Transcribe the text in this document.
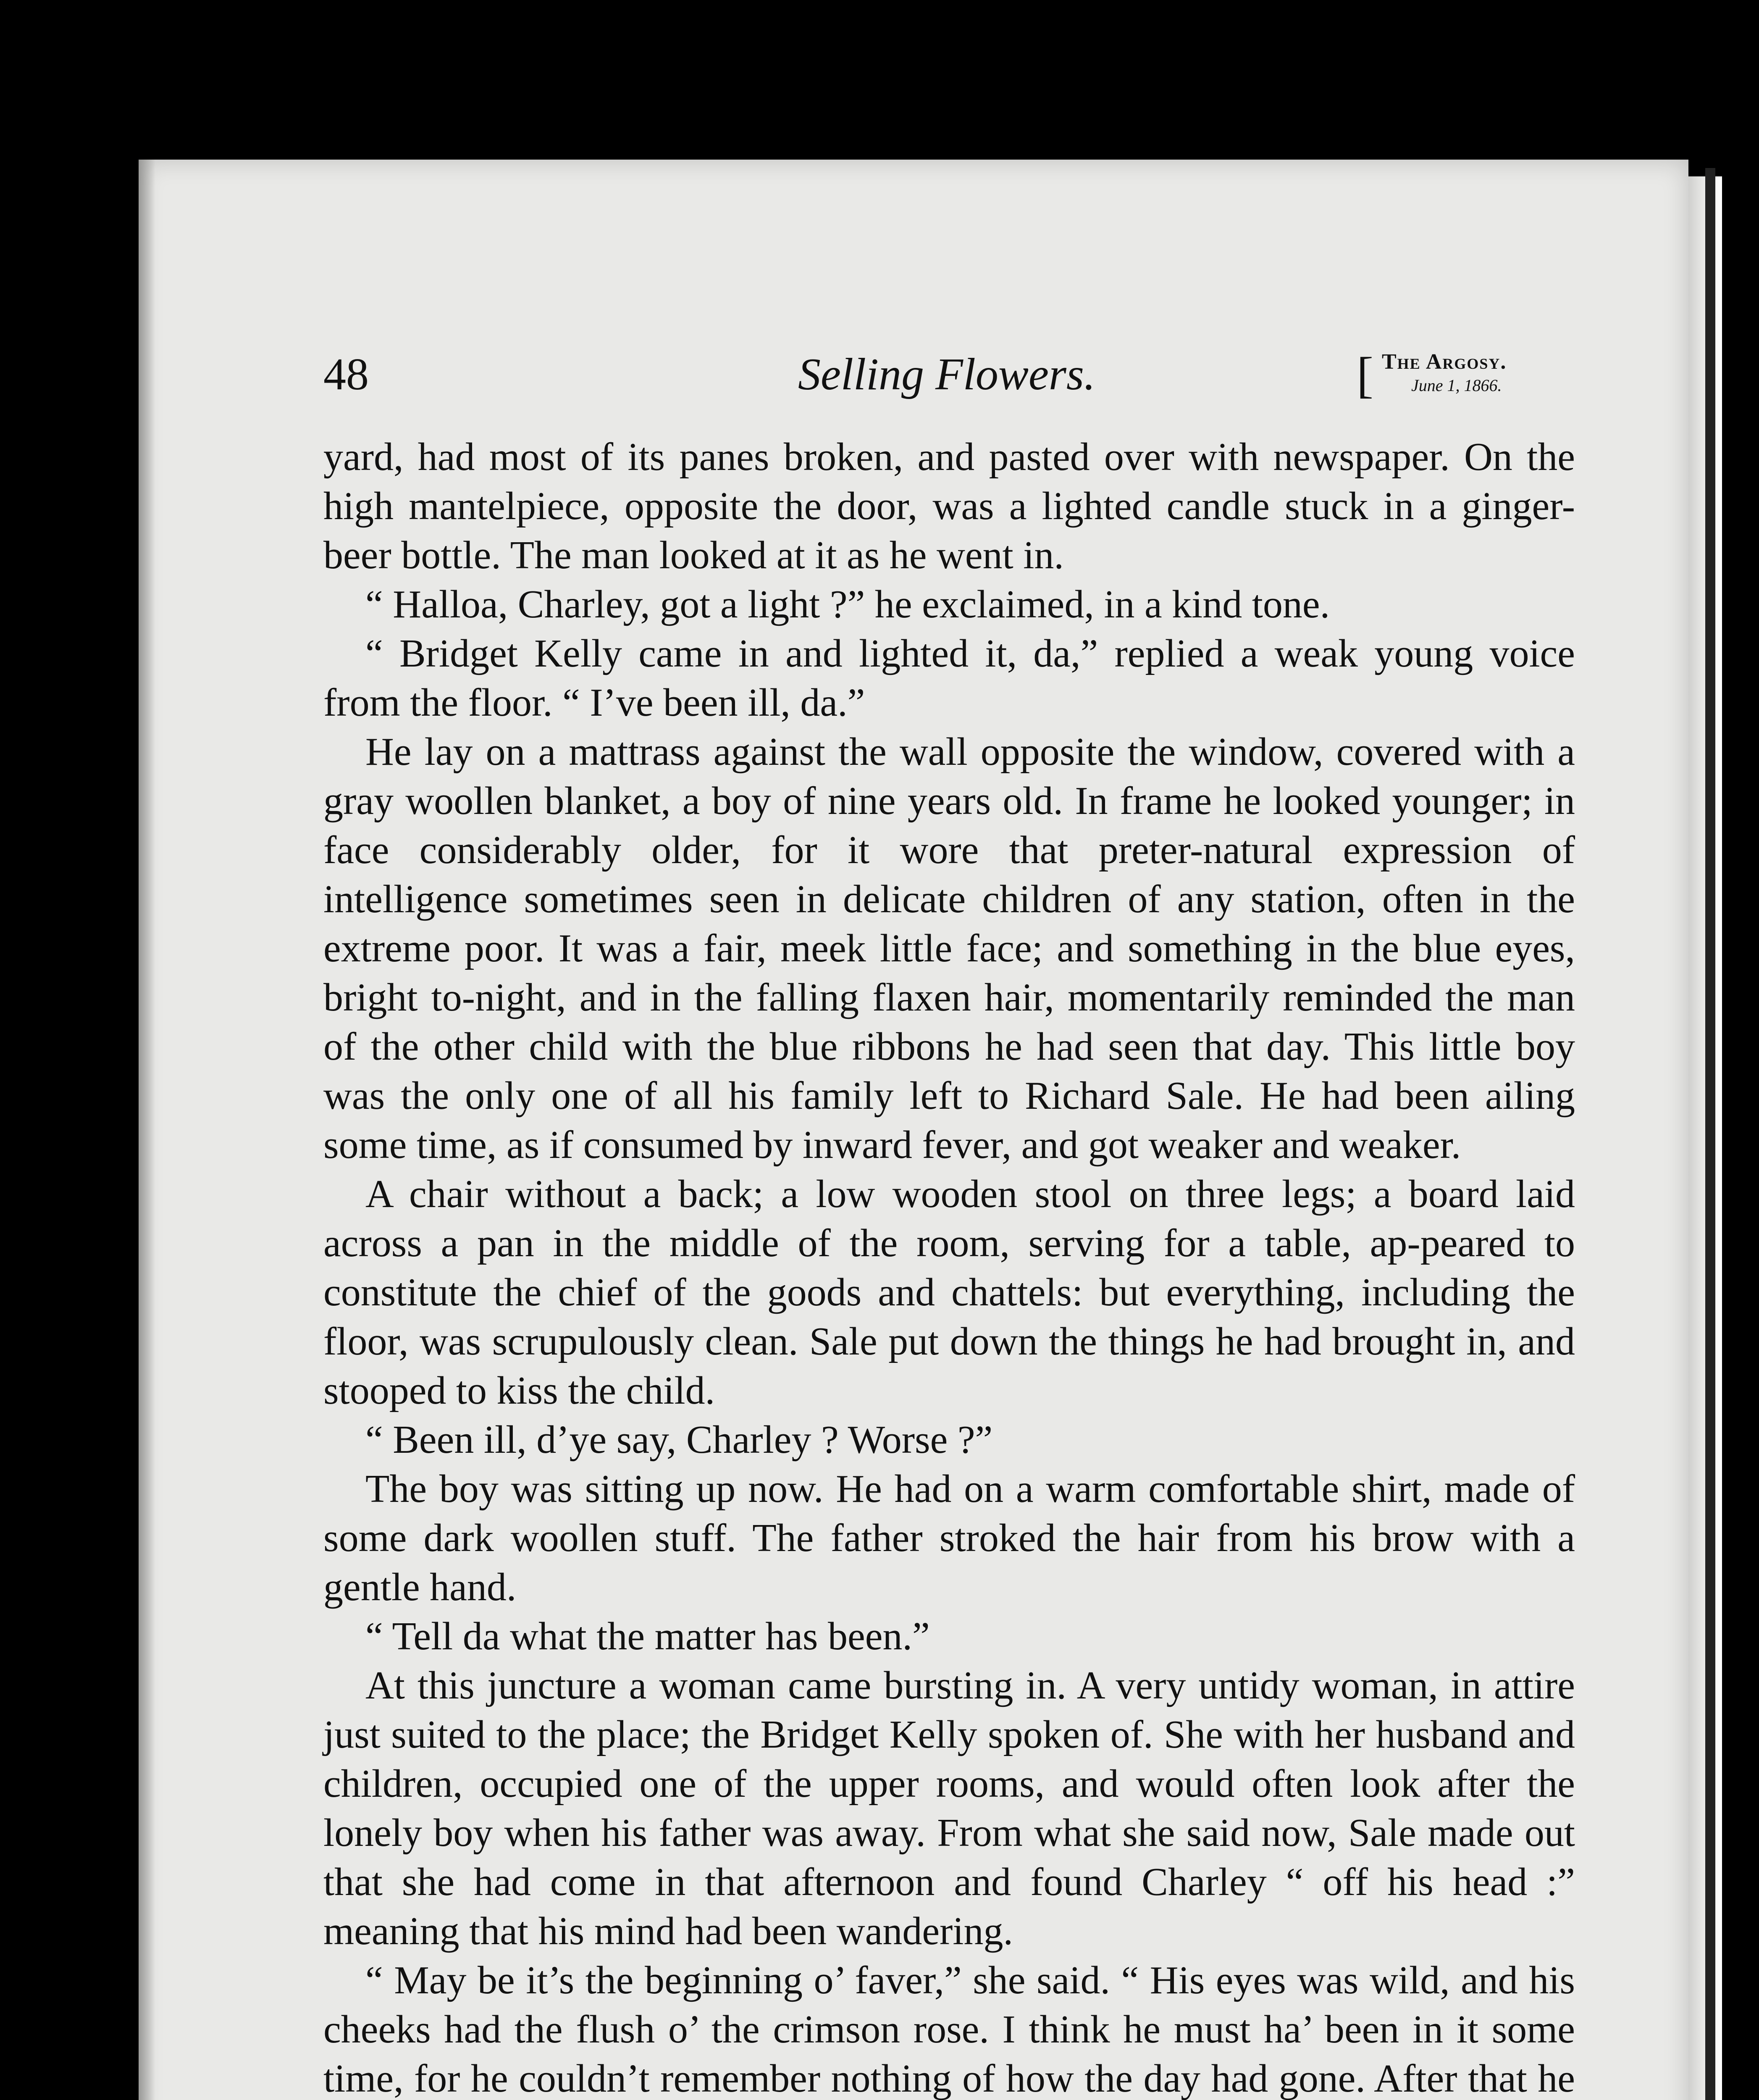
48	Selling Flowers.	[ The Argosy.
June 1, 1866.

yard, had most of its panes broken, and pasted over with newspaper. On the high mantelpiece, opposite the door, was a lighted candle stuck in a ginger-beer bottle. The man looked at it as he went in.

“ Halloa, Charley, got a light ?” he exclaimed, in a kind tone.

“ Bridget Kelly came in and lighted it, da,” replied a weak young voice from the floor. “ I’ve been ill, da.”

He lay on a mattrass against the wall opposite the window, covered with a gray woollen blanket, a boy of nine years old. In frame he looked younger; in face considerably older, for it wore that preter-natural expression of intelligence sometimes seen in delicate children of any station, often in the extreme poor. It was a fair, meek little face; and something in the blue eyes, bright to-night, and in the falling flaxen hair, momentarily reminded the man of the other child with the blue ribbons he had seen that day. This little boy was the only one of all his family left to Richard Sale. He had been ailing some time, as if consumed by inward fever, and got weaker and weaker.

A chair without a back; a low wooden stool on three legs; a board laid across a pan in the middle of the room, serving for a table, ap-peared to constitute the chief of the goods and chattels: but everything, including the floor, was scrupulously clean. Sale put down the things he had brought in, and stooped to kiss the child.

“ Been ill, d’ye say, Charley ? Worse ?”

The boy was sitting up now. He had on a warm comfortable shirt, made of some dark woollen stuff. The father stroked the hair from his brow with a gentle hand.

“ Tell da what the matter has been.”

At this juncture a woman came bursting in. A very untidy woman, in attire just suited to the place; the Bridget Kelly spoken of. She with her husband and children, occupied one of the upper rooms, and would often look after the lonely boy when his father was away. From what she said now, Sale made out that she had come in that afternoon and found Charley “ off his head :” meaning that his mind had been wandering.

“ May be it’s the beginning o’ faver,” she said. “ His eyes was wild, and his cheeks had the flush o’ the crimson rose. I think he must ha’ been in it some time, for he couldn’t remember nothing of how the day had gone. After that he
